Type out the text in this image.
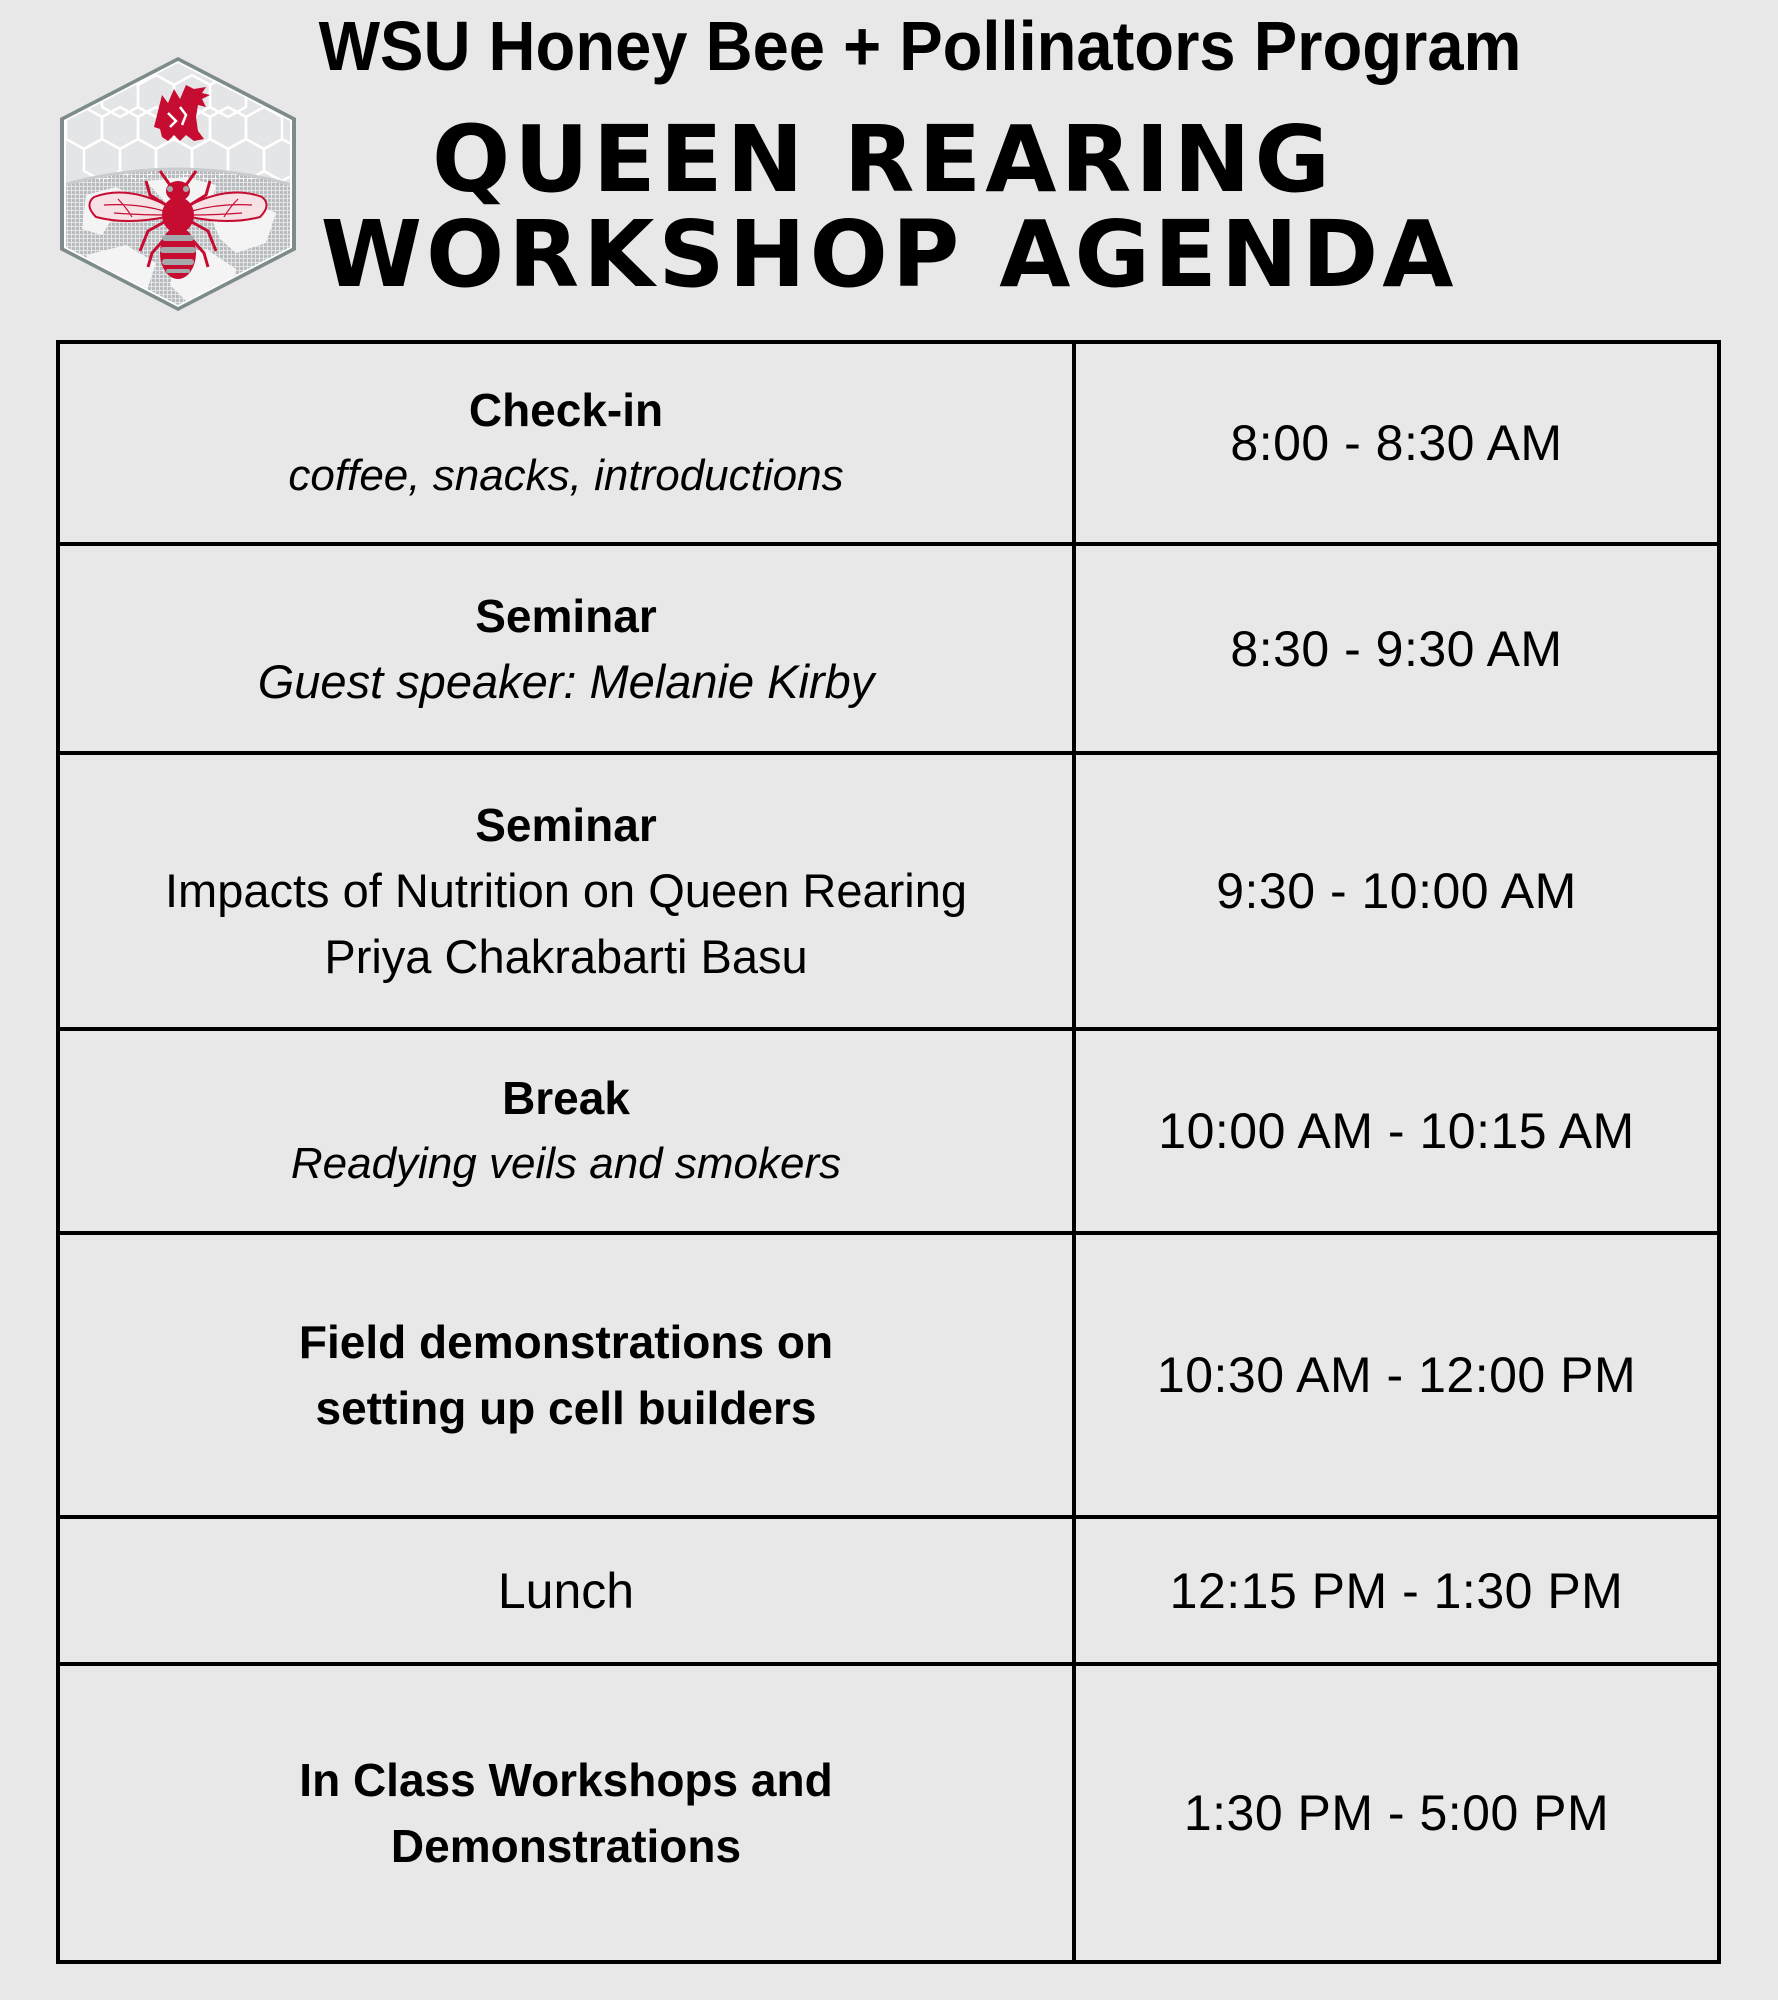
WSU Honey Bee + Pollinators Program
QUEEN REARING
WORKSHOP AGENDA
Check-in
coffee, snacks, introductions	8:00 - 8:30 AM

Seminar
Guest speaker: Melanie Kirby	8:30 - 9:30 AM

Seminar
Impacts of Nutrition on Queen Rearing
Priya Chakrabarti Basu	9:30 - 10:00 AM

Break
Readying veils and smokers	10:00 AM - 10:15 AM

Field demonstrations on
setting up cell builders	10:30 AM - 12:00 PM

Lunch	12:15 PM - 1:30 PM

In Class Workshops and
Demonstrations	1:30 PM - 5:00 PM
